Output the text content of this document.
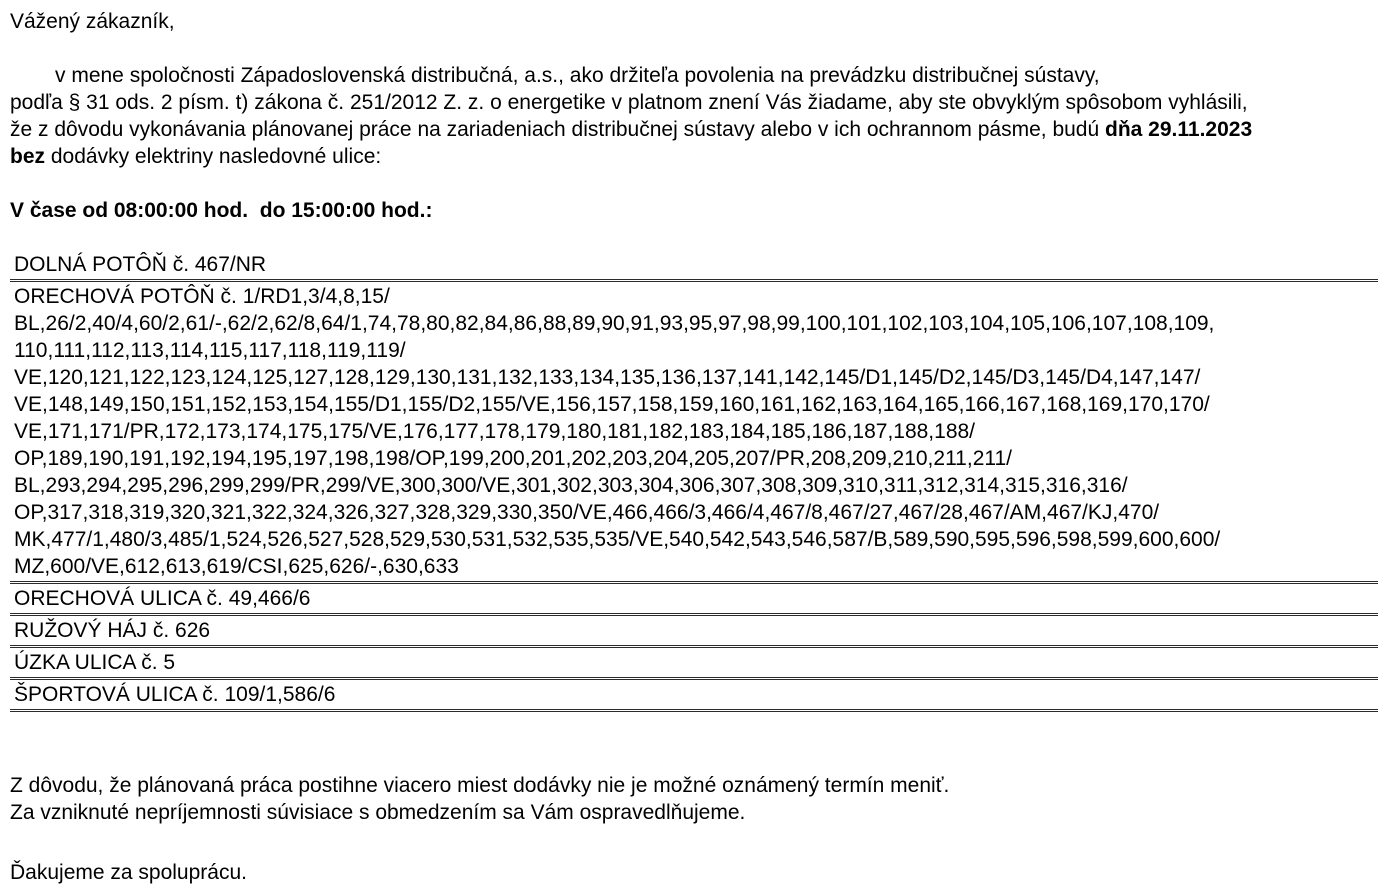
Vážený zákazník,
v mene spoločnosti Západoslovenská distribučná, a.s., ako držiteľa povolenia na prevádzku distribučnej sústavy,
podľa § 31 ods. 2 písm. t) zákona č. 251/2012 Z. z. o energetike v platnom znení Vás žiadame, aby ste obvyklým spôsobom vyhlásili,
že z dôvodu vykonávania plánovanej práce na zariadeniach distribučnej sústavy alebo v ich ochrannom pásme, budú dňa 29.11.2023
bez dodávky elektriny nasledovné ulice:
V čase od 08:00:00 hod.  do 15:00:00 hod.:
DOLNÁ POTÔŇ č. 467/NR
ORECHOVÁ POTÔŇ č. 1/RD1,3/4,8,15/
BL,26/2,40/4,60/2,61/-,62/2,62/8,64/1,74,78,80,82,84,86,88,89,90,91,93,95,97,98,99,100,101,102,103,104,105,106,107,108,109,
110,111,112,113,114,115,117,118,119,119/
VE,120,121,122,123,124,125,127,128,129,130,131,132,133,134,135,136,137,141,142,145/D1,145/D2,145/D3,145/D4,147,147/
VE,148,149,150,151,152,153,154,155/D1,155/D2,155/VE,156,157,158,159,160,161,162,163,164,165,166,167,168,169,170,170/
VE,171,171/PR,172,173,174,175,175/VE,176,177,178,179,180,181,182,183,184,185,186,187,188,188/
OP,189,190,191,192,194,195,197,198,198/OP,199,200,201,202,203,204,205,207/PR,208,209,210,211,211/
BL,293,294,295,296,299,299/PR,299/VE,300,300/VE,301,302,303,304,306,307,308,309,310,311,312,314,315,316,316/
OP,317,318,319,320,321,322,324,326,327,328,329,330,350/VE,466,466/3,466/4,467/8,467/27,467/28,467/AM,467/KJ,470/
MK,477/1,480/3,485/1,524,526,527,528,529,530,531,532,535,535/VE,540,542,543,546,587/B,589,590,595,596,598,599,600,600/
MZ,600/VE,612,613,619/CSI,625,626/-,630,633
ORECHOVÁ ULICA č. 49,466/6
RUŽOVÝ HÁJ č. 626
ÚZKA ULICA č. 5
ŠPORTOVÁ ULICA č. 109/1,586/6
Z dôvodu, že plánovaná práca postihne viacero miest dodávky nie je možné oznámený termín meniť.
Za vzniknuté nepríjemnosti súvisiace s obmedzením sa Vám ospravedlňujeme.
Ďakujeme za spoluprácu.
